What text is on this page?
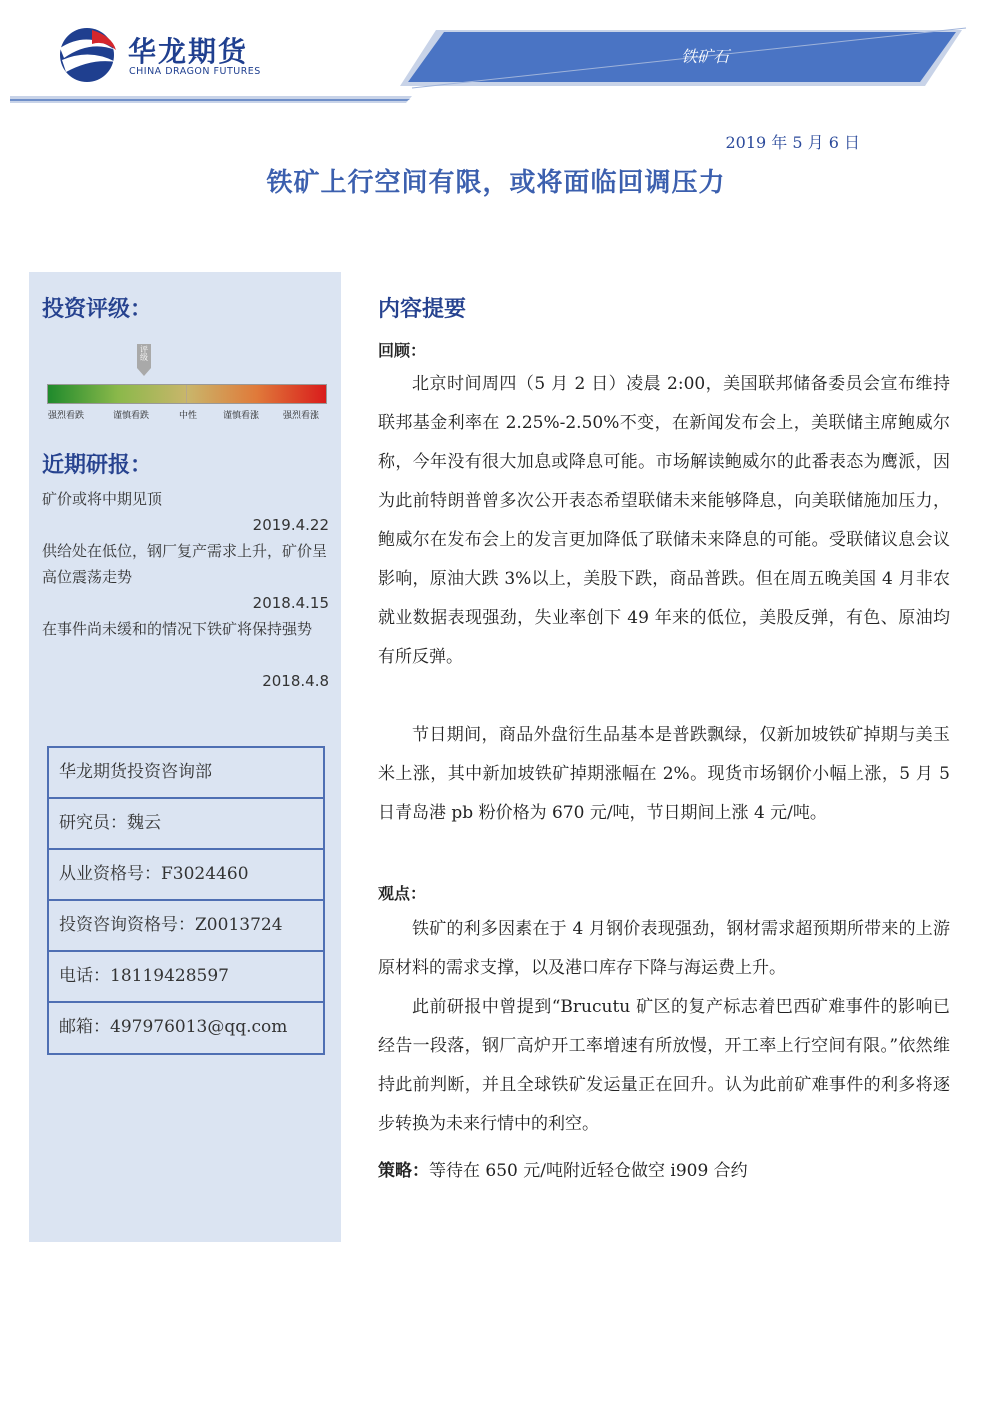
华龙期货
CHINA DRAGON FUTURES
铁矿石
2019 年 5 月 6 日
铁矿上行空间有限，或将面临回调压力
投资评级：
评级
强烈看跌	谨慎看跌	中性	谨慎看涨	强烈看涨
近期研报：
矿价或将中期见顶
2019.4.22
供给处在低位，钢厂复产需求上升，矿价呈高位震荡走势
2018.4.15
在事件尚未缓和的情况下铁矿将保持强势
2018.4.8
华龙期货投资咨询部
研究员：魏云
从业资格号：F3024460
投资咨询资格号：Z0013724
电话：18119428597
邮箱：497976013@qq.com
内容提要
回顾：

北京时间周四（5 月 2 日）凌晨 2:00，美国联邦储备委员会宣布维持联邦基金利率在 2.25%-2.50%不变，在新闻发布会上，美联储主席鲍威尔称，今年没有很大加息或降息可能。市场解读鲍威尔的此番表态为鹰派，因为此前特朗普曾多次公开表态希望联储未来能够降息，向美联储施加压力，鲍威尔在发布会上的发言更加降低了联储未来降息的可能。受联储议息会议影响，原油大跌 3%以上，美股下跌，商品普跌。但在周五晚美国 4 月非农就业数据表现强劲，失业率创下 49 年来的低位，美股反弹，有色、原油均有所反弹。

节日期间，商品外盘衍生品基本是普跌飘绿，仅新加坡铁矿掉期与美玉米上涨，其中新加坡铁矿掉期涨幅在 2%。现货市场钢价小幅上涨，5 月 5 日青岛港 pb 粉价格为 670 元/吨，节日期间上涨 4 元/吨。

观点：

铁矿的利多因素在于 4 月钢价表现强劲，钢材需求超预期所带来的上游原材料的需求支撑，以及港口库存下降与海运费上升。

此前研报中曾提到“Brucutu 矿区的复产标志着巴西矿难事件的影响已经告一段落，钢厂高炉开工率增速有所放慢，开工率上行空间有限。”依然维持此前判断，并且全球铁矿发运量正在回升。认为此前矿难事件的利多将逐步转换为未来行情中的利空。

策略：等待在 650 元/吨附近轻仓做空 i909 合约
